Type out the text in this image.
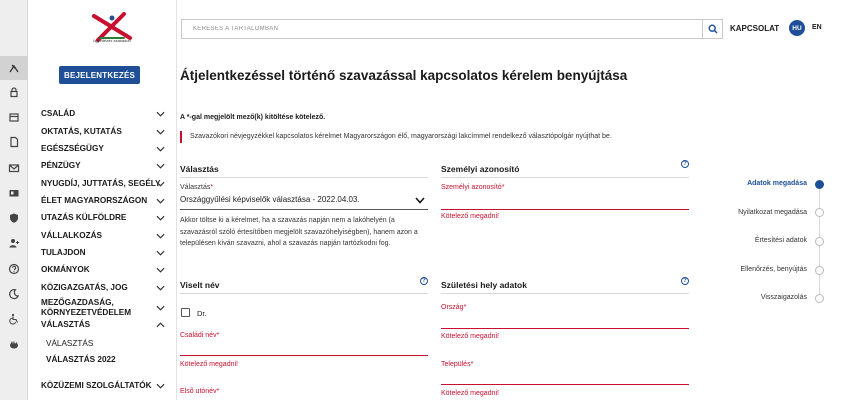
ügyintézés szabadon
BEJELENTKEZÉS
CSALÁD
OKTATÁS, KUTATÁS
EGÉSZSÉGÜGY
PÉNZÜGY
NYUGDÍJ, JUTTATÁS, SEGÉLY
ÉLET MAGYARORSZÁGON
UTAZÁS KÜLFÖLDRE
VÁLLALKOZÁS
TULAJDON
OKMÁNYOK
KÖZIGAZGATÁS, JOG
MEZŐGAZDASÁG,
KÖRNYEZETVÉDELEM
VÁLASZTÁS
VÁLASZTÁS
VÁLASZTÁS 2022
KÖZÜZEMI SZOLGÁLTATÓK
KERESÉS A TARTALOMBAN
KAPCSOLAT	HU	EN
Átjelentkezéssel történő szavazással kapcsolatos kérelem benyújtása
A *-gal megjelölt mező(k) kitöltése kötelező.
Szavazókori névjegyzékkel kapcsolatos kérelmet Magyarországon élő, magyarországi lakcímmel rendelkező választópolgár nyújthat be.
Választás
Választás*
Országgyűlési képviselők választása - 2022.04.03.
Akkor töltse ki a kérelmet, ha a szavazás napján nem a lakóhelyén (a szavazásról szóló értesítőben megjelölt szavazóhelyiségben), hanem azon a településen kíván szavazni, ahol a szavazás napján tartózkodni fog.
Személyi azonosító	?
Személyi azonosító*
Kötelező megadni!
Viselt név	?
Dr.
Családi név*
Kötelező megadni!
Első utónév*
Születési hely adatok	?
Ország*
Kötelező megadni!
Település*
Kötelező megadni!
Adatok megadása
Nyilatkozat megadása
Értesítési adatok
Ellenőrzés, benyújtás
Visszaigazolás
